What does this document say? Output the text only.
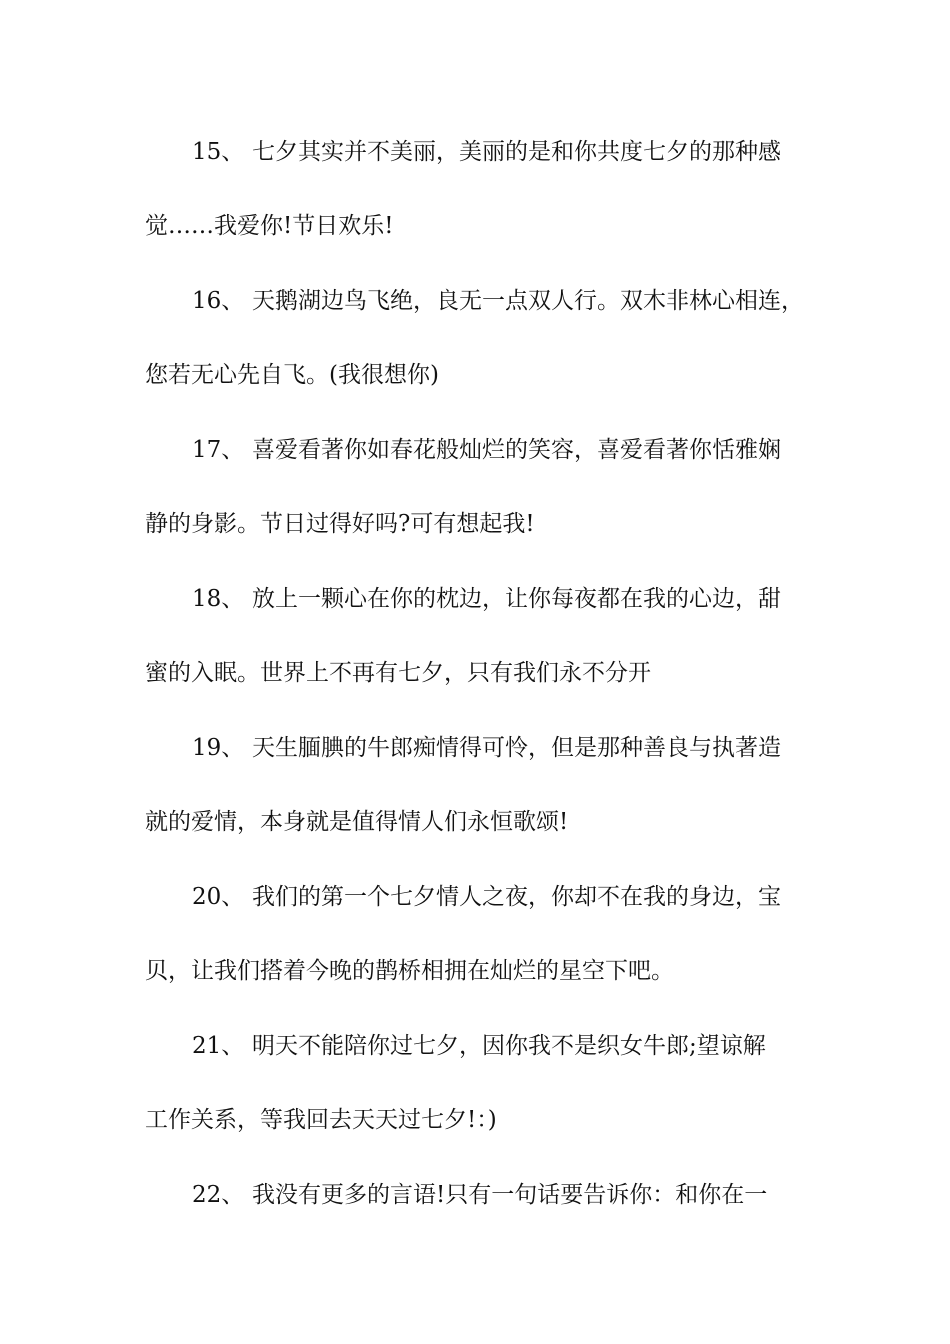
15、 七夕其实并不美丽，美丽的是和你共度七夕的那种感
觉……我爱你!节日欢乐!
16、 天鹅湖边鸟飞绝，良无一点双人行。双木非林心相连，
您若无心先自飞。(我很想你)
17、 喜爱看著你如春花般灿烂的笑容，喜爱看著你恬雅娴
静的身影。节日过得好吗?可有想起我!
18、 放上一颗心在你的枕边，让你每夜都在我的心边，甜
蜜的入眠。世界上不再有七夕，只有我们永不分开
19、 天生腼腆的牛郎痴情得可怜，但是那种善良与执著造
就的爱情，本身就是值得情人们永恒歌颂!
20、 我们的第一个七夕情人之夜，你却不在我的身边，宝
贝，让我们搭着今晚的鹊桥相拥在灿烂的星空下吧。
21、 明天不能陪你过七夕，因你我不是织女牛郎;望谅解
工作关系，等我回去天天过七夕!：)
22、 我没有更多的言语!只有一句话要告诉你：和你在一
